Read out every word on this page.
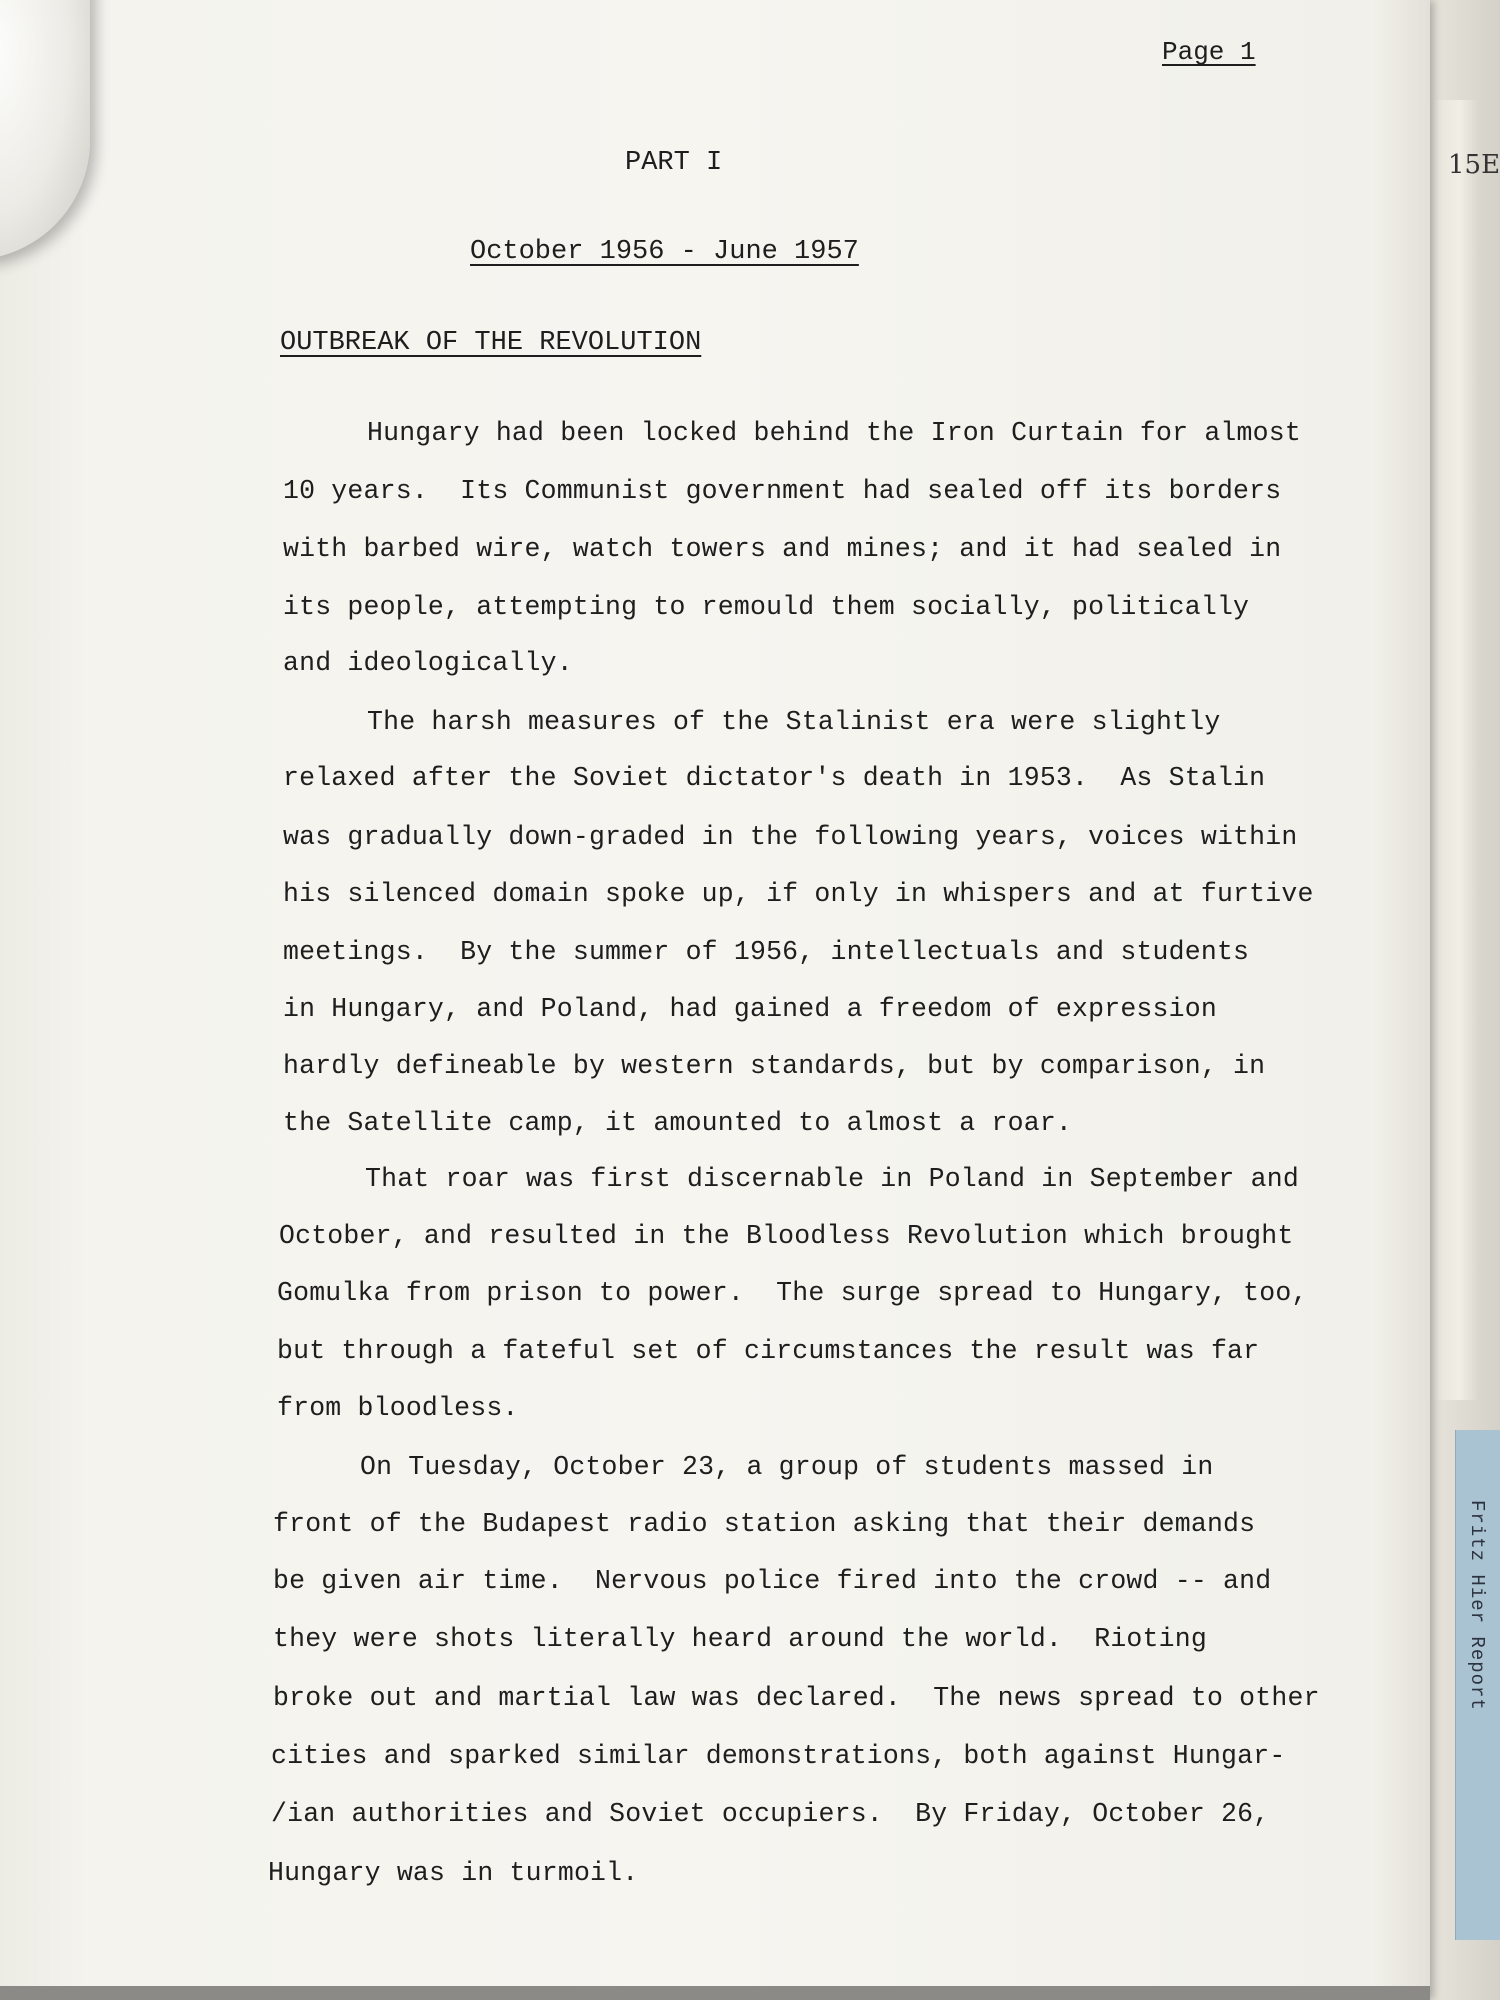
15E
Fritz Hier Report
Page 1
PART I
October 1956 - June 1957
OUTBREAK OF THE REVOLUTION
Hungary had been locked behind the Iron Curtain for almost
10 years.  Its Communist government had sealed off its borders
with barbed wire, watch towers and mines; and it had sealed in
its people, attempting to remould them socially, politically
and ideologically.
The harsh measures of the Stalinist era were slightly
relaxed after the Soviet dictator's death in 1953.  As Stalin
was gradually down-graded in the following years, voices within
his silenced domain spoke up, if only in whispers and at furtive
meetings.  By the summer of 1956, intellectuals and students
in Hungary, and Poland, had gained a freedom of expression
hardly defineable by western standards, but by comparison, in
the Satellite camp, it amounted to almost a roar.
That roar was first discernable in Poland in September and
October, and resulted in the Bloodless Revolution which brought
Gomulka from prison to power.  The surge spread to Hungary, too,
but through a fateful set of circumstances the result was far
from bloodless.
On Tuesday, October 23, a group of students massed in
front of the Budapest radio station asking that their demands
be given air time.  Nervous police fired into the crowd -- and
they were shots literally heard around the world.  Rioting
broke out and martial law was declared.  The news spread to other
cities and sparked similar demonstrations, both against Hungar-
/ian authorities and Soviet occupiers.  By Friday, October 26,
Hungary was in turmoil.
